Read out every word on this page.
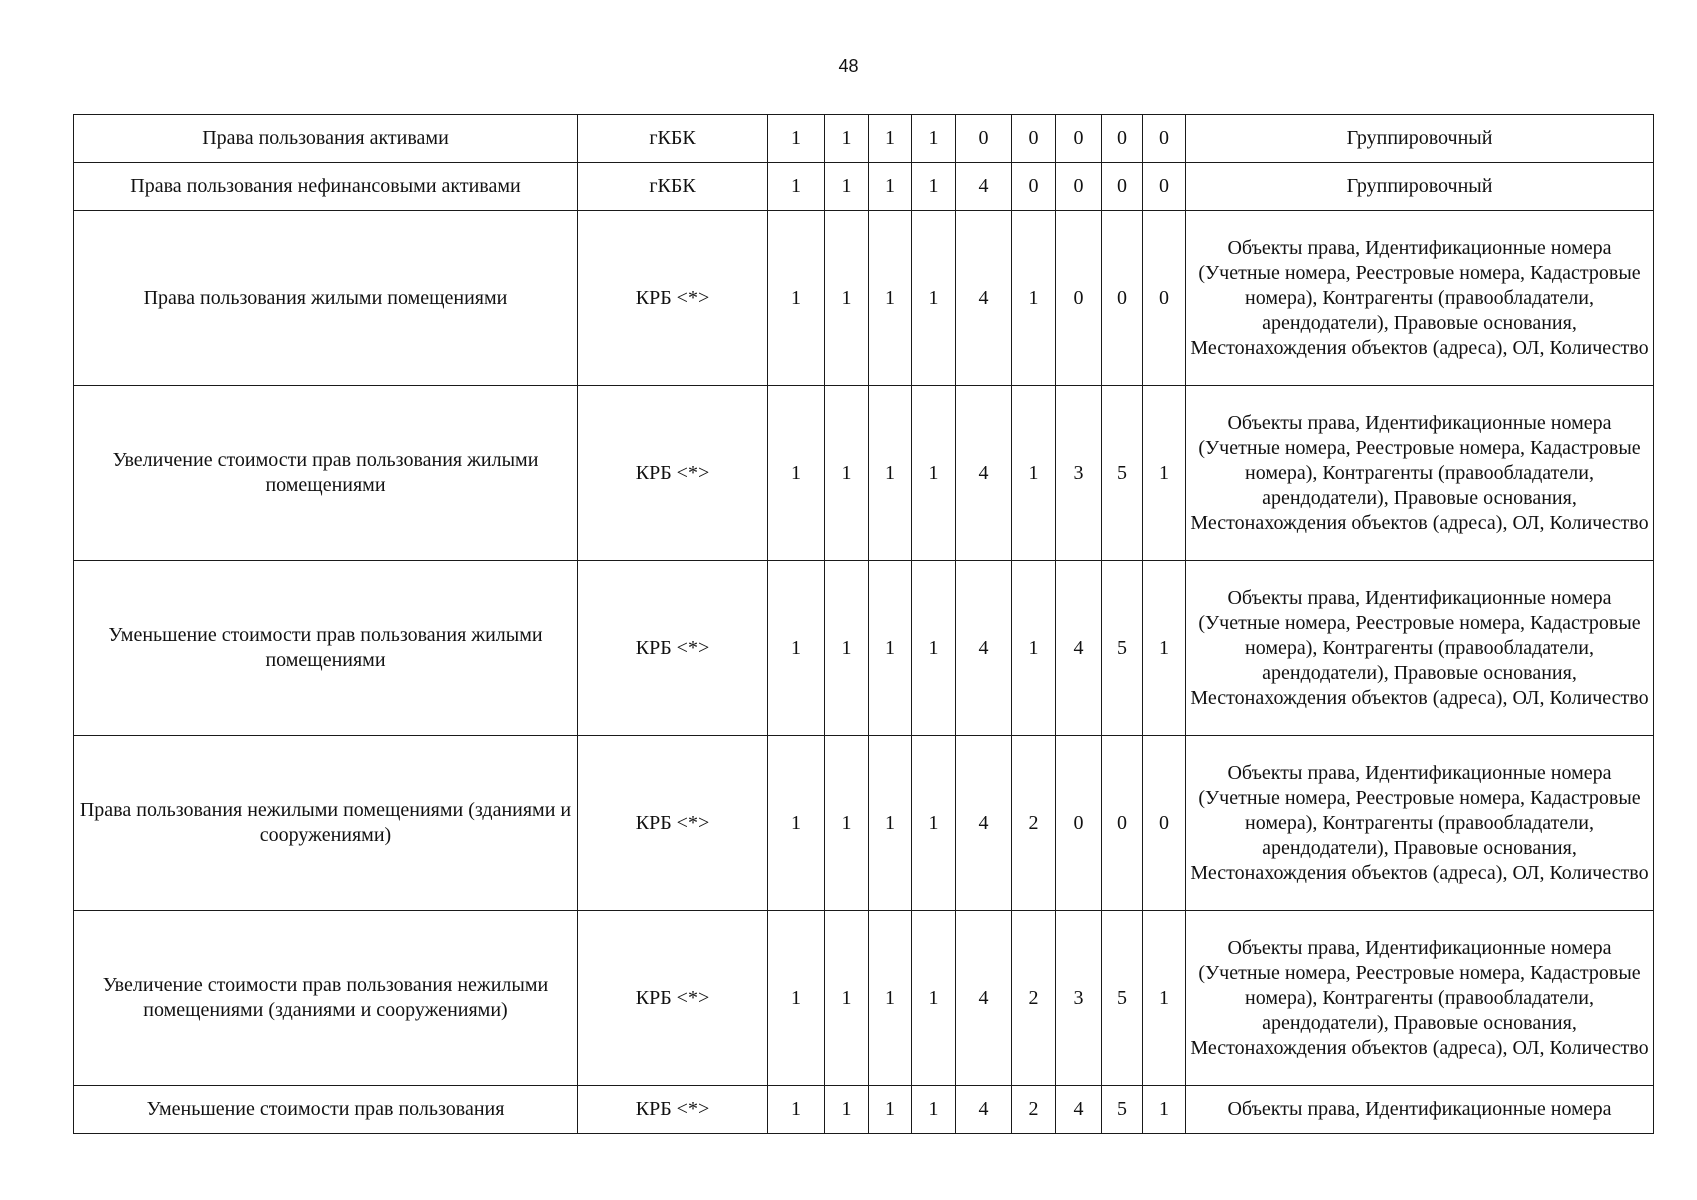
48
Права пользования активами	гКБК	1	1	1	1	0	0	0	0	0	Группировочный
Права пользования нефинансовыми активами	гКБК	1	1	1	1	4	0	0	0	0	Группировочный
Права пользования жилыми помещениями	КРБ <*>	1	1	1	1	4	1	0	0	0	Объекты права, Идентификационные номера (Учетные номера, Реестровые номера, Кадастровые номера), Контрагенты (правообладатели, арендодатели), Правовые основания, Местонахождения объектов (адреса), ОЛ, Количество
Увеличение стоимости прав пользования жилыми помещениями	КРБ <*>	1	1	1	1	4	1	3	5	1	Объекты права, Идентификационные номера (Учетные номера, Реестровые номера, Кадастровые номера), Контрагенты (правообладатели, арендодатели), Правовые основания, Местонахождения объектов (адреса), ОЛ, Количество
Уменьшение стоимости прав пользования жилыми помещениями	КРБ <*>	1	1	1	1	4	1	4	5	1	Объекты права, Идентификационные номера (Учетные номера, Реестровые номера, Кадастровые номера), Контрагенты (правообладатели, арендодатели), Правовые основания, Местонахождения объектов (адреса), ОЛ, Количество
Права пользования нежилыми помещениями (зданиями и сооружениями)	КРБ <*>	1	1	1	1	4	2	0	0	0	Объекты права, Идентификационные номера (Учетные номера, Реестровые номера, Кадастровые номера), Контрагенты (правообладатели, арендодатели), Правовые основания, Местонахождения объектов (адреса), ОЛ, Количество
Увеличение стоимости прав пользования нежилыми помещениями (зданиями и сооружениями)	КРБ <*>	1	1	1	1	4	2	3	5	1	Объекты права, Идентификационные номера (Учетные номера, Реестровые номера, Кадастровые номера), Контрагенты (правообладатели, арендодатели), Правовые основания, Местонахождения объектов (адреса), ОЛ, Количество
Уменьшение стоимости прав пользования	КРБ <*>	1	1	1	1	4	2	4	5	1	Объекты права, Идентификационные номера
